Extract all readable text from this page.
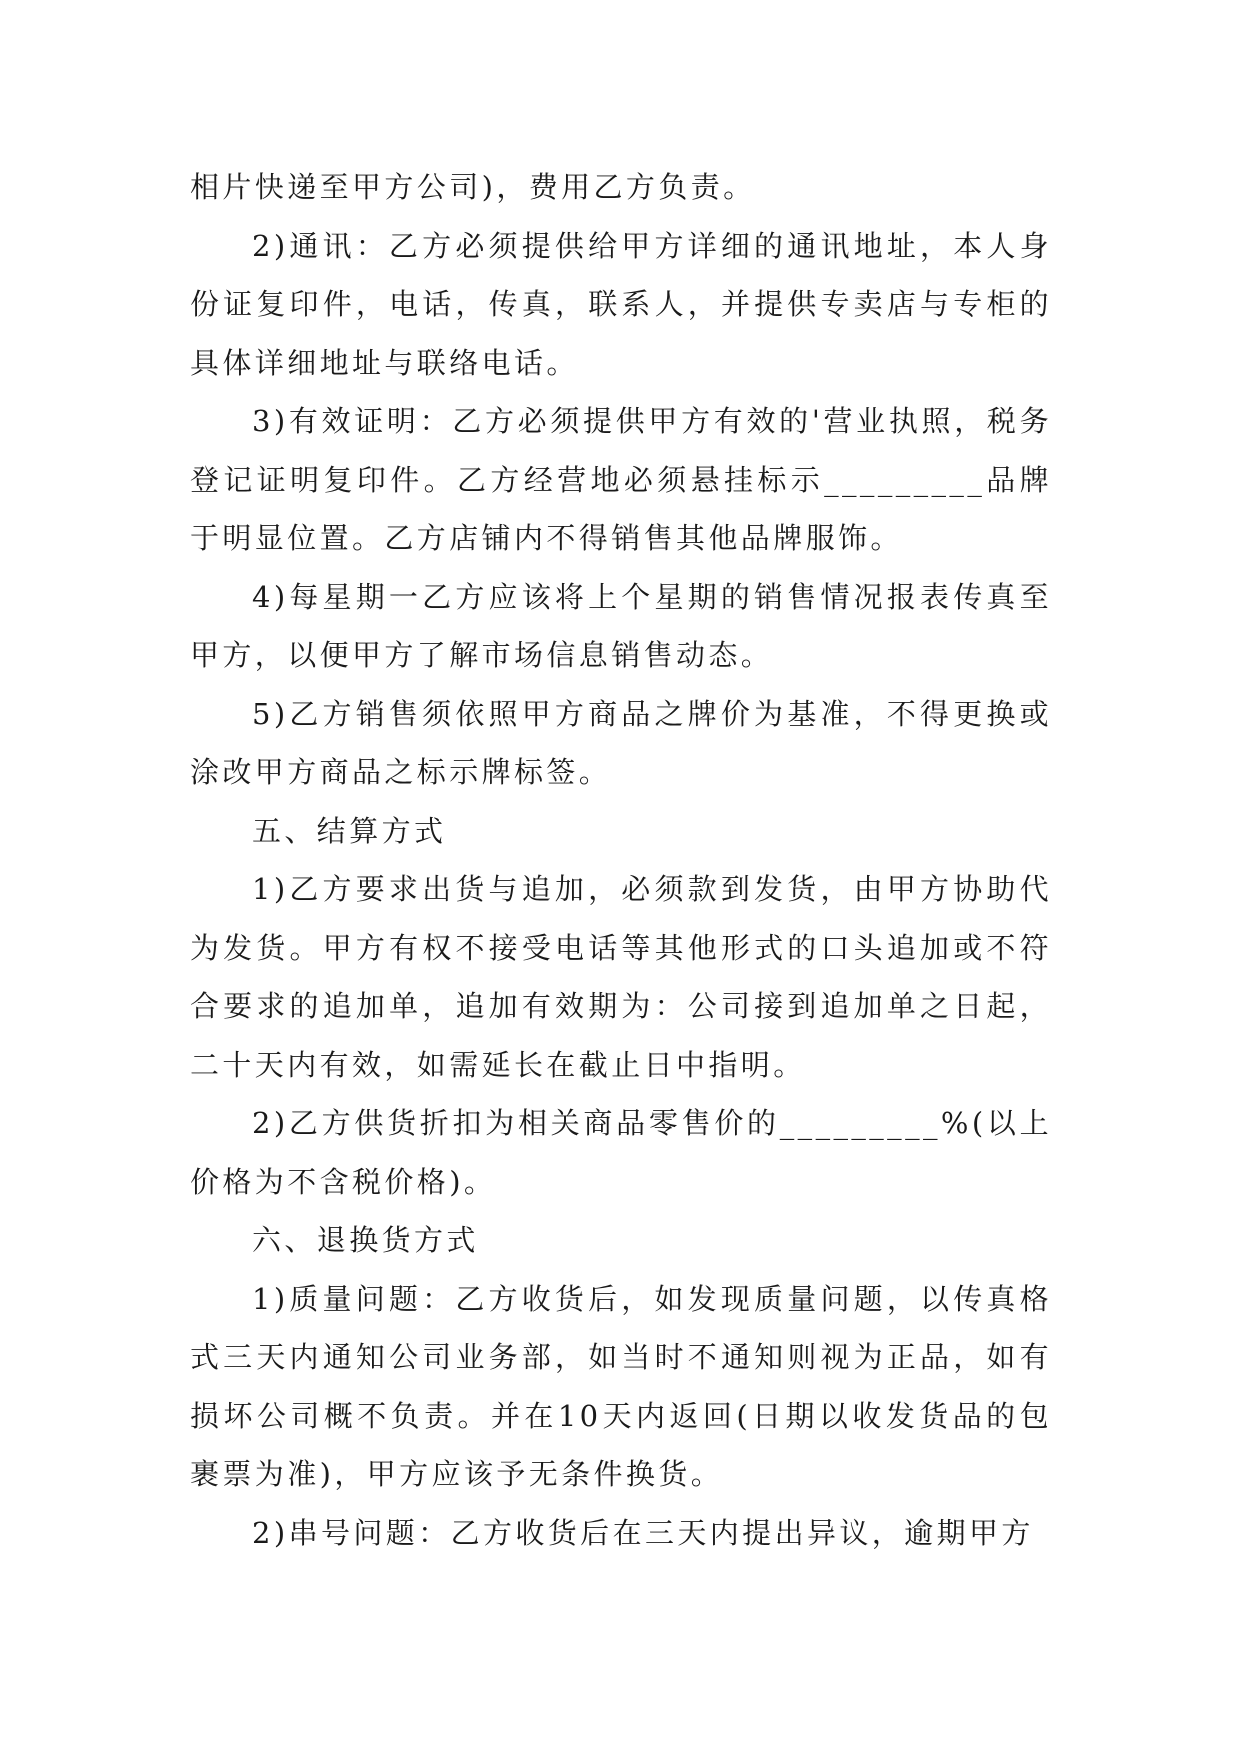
相片快递至甲方公司)，费用乙方负责。

2)通讯：乙方必须提供给甲方详细的通讯地址，本人身份证复印件，电话，传真，联系人，并提供专卖店与专柜的具体详细地址与联络电话。

3)有效证明：乙方必须提供甲方有效的'营业执照，税务登记证明复印件。乙方经营地必须悬挂标示_________品牌于明显位置。乙方店铺内不得销售其他品牌服饰。

4)每星期一乙方应该将上个星期的销售情况报表传真至甲方，以便甲方了解市场信息销售动态。

5)乙方销售须依照甲方商品之牌价为基准，不得更换或涂改甲方商品之标示牌标签。

五、结算方式

1)乙方要求出货与追加，必须款到发货，由甲方协助代为发货。甲方有权不接受电话等其他形式的口头追加或不符合要求的追加单，追加有效期为：公司接到追加单之日起，二十天内有效，如需延长在截止日中指明。

2)乙方供货折扣为相关商品零售价的_________%(以上价格为不含税价格)。

六、退换货方式

1)质量问题：乙方收货后，如发现质量问题，以传真格式三天内通知公司业务部，如当时不通知则视为正品，如有损坏公司概不负责。并在10天内返回(日期以收发货品的包裹票为准)，甲方应该予无条件换货。

2)串号问题：乙方收货后在三天内提出异议，逾期甲方
